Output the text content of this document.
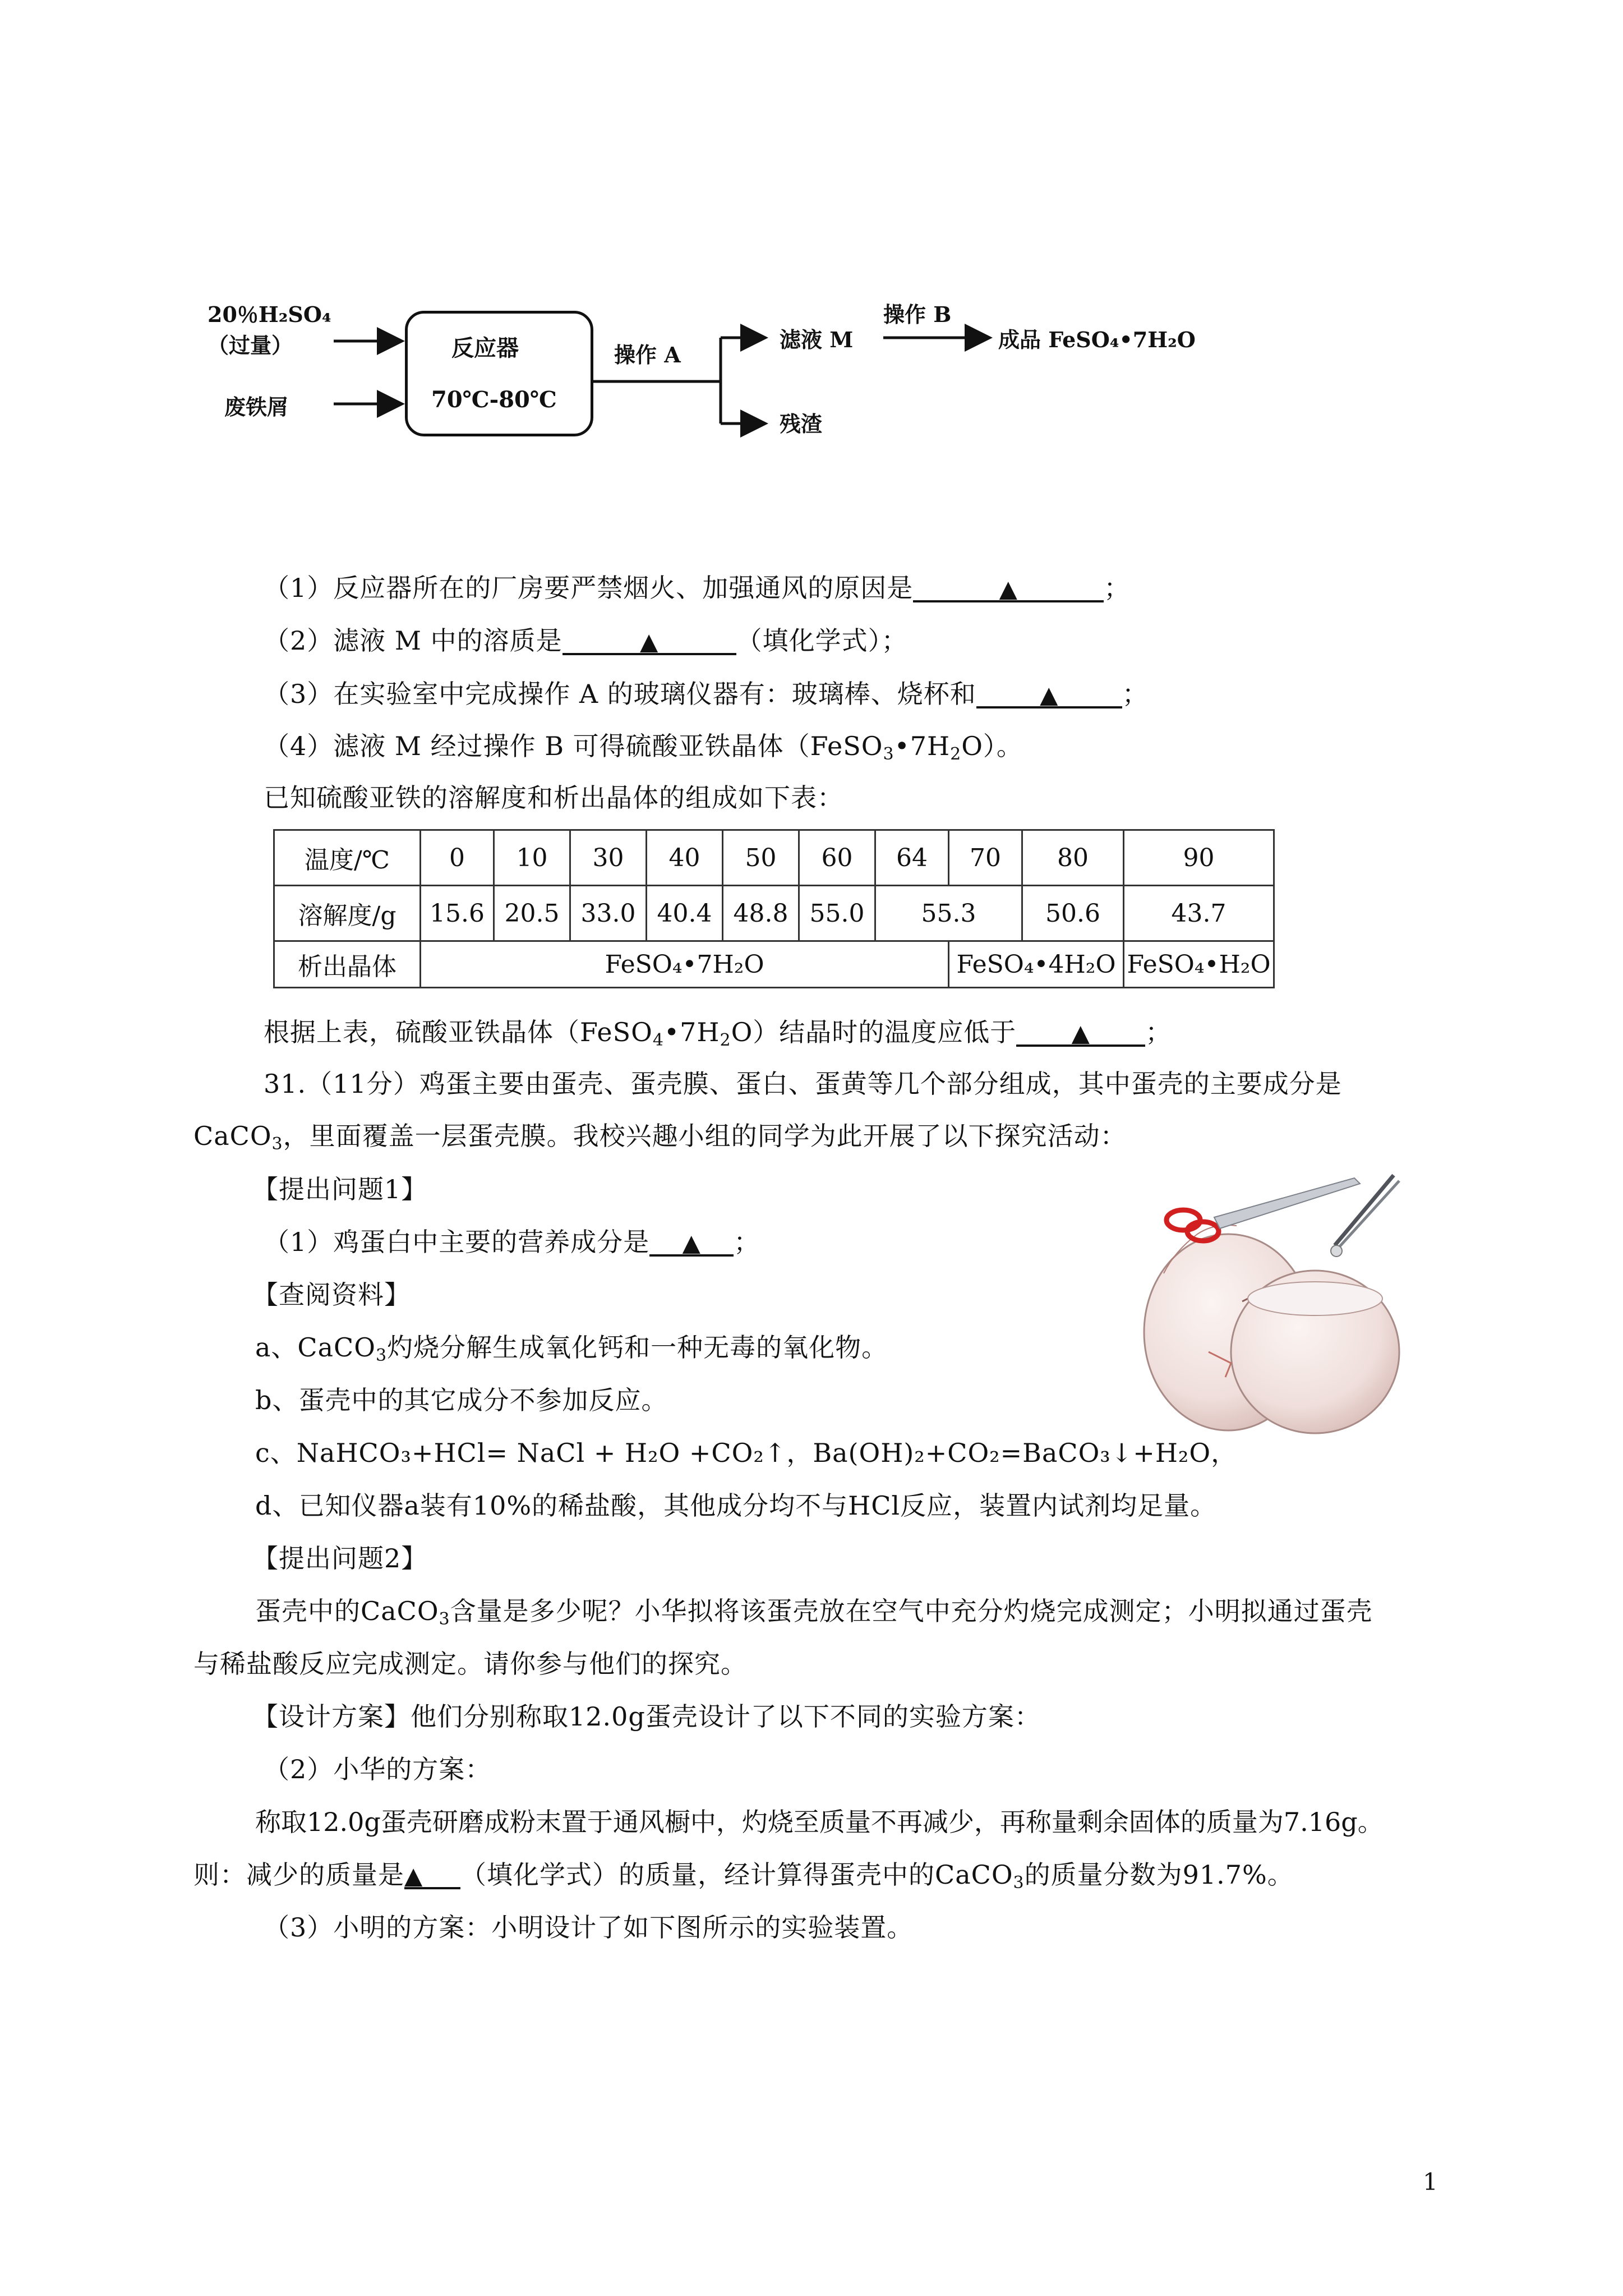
20％H₂SO₄
（过量）
废铁屑
反应器
70℃-80℃
操作 A
滤液 M
残渣
操作 B
成品 FeSO₄•7H₂O
（1）反应器所在的厂房要严禁烟火、加强通风的原因是	▲	；
（2）滤液 M 中的溶质是	▲	（填化学式）；
（3）在实验室中完成操作 A 的玻璃仪器有：玻璃棒、烧杯和	▲ ；
（4）滤液 M 经过操作 B 可得硫酸亚铁晶体$(FeSO_3•7H_2O)$。
已知硫酸亚铁的溶解度和析出晶体的组成如下表：
温度/℃	0	10	30	40	50	60	64	70	80	90
溶解度/g	15.6	20.5	33.0	40.4	48.8	55.0	55.3		50.6	43.7
析出晶体	FeSO₄•7H₂O							FeSO₄•4H₂O		FeSO₄•H₂O
根据上表，硫酸亚铁晶体$(FeSO_4•7H_2O)$结晶时的温度应低于 ▲ ；
31.（11分）鸡蛋主要由蛋壳、蛋壳膜、蛋白、蛋黄等几个部分组成，其中蛋壳的主要成分是
CaCO$_3$，里面覆盖一层蛋壳膜。我校兴趣小组的同学为此开展了以下探究活动：
【提出问题1】
（1）鸡蛋白中主要的营养成分是 ▲ ；
【查阅资料】
a、CaCO$_3$灼烧分解生成氧化钙和一种无毒的氧化物。
b、蛋壳中的其它成分不参加反应。
c、NaHCO₃+HCl= NaCl + H₂O +CO₂↑，Ba(OH)₂+CO₂=BaCO₃↓+H₂O，
d、已知仪器a装有10%的稀盐酸，其他成分均不与HCl反应，装置内试剂均足量。
【提出问题2】
蛋壳中的CaCO$_3$含量是多少呢？小华拟将该蛋壳放在空气中充分灼烧完成测定；小明拟通过蛋壳
与稀盐酸反应完成测定。请你参与他们的探究。
【设计方案】他们分别称取12.0g蛋壳设计了以下不同的实验方案：
（2）小华的方案：
称取12.0g蛋壳研磨成粉末置于通风橱中，灼烧至质量不再减少，再称量剩余固体的质量为7.16g。
则：减少的质量是▲ （填化学式）的质量，经计算得蛋壳中的CaCO$_3$的质量分数为91.7%。
（3）小明的方案：小明设计了如下图所示的实验装置。
1
